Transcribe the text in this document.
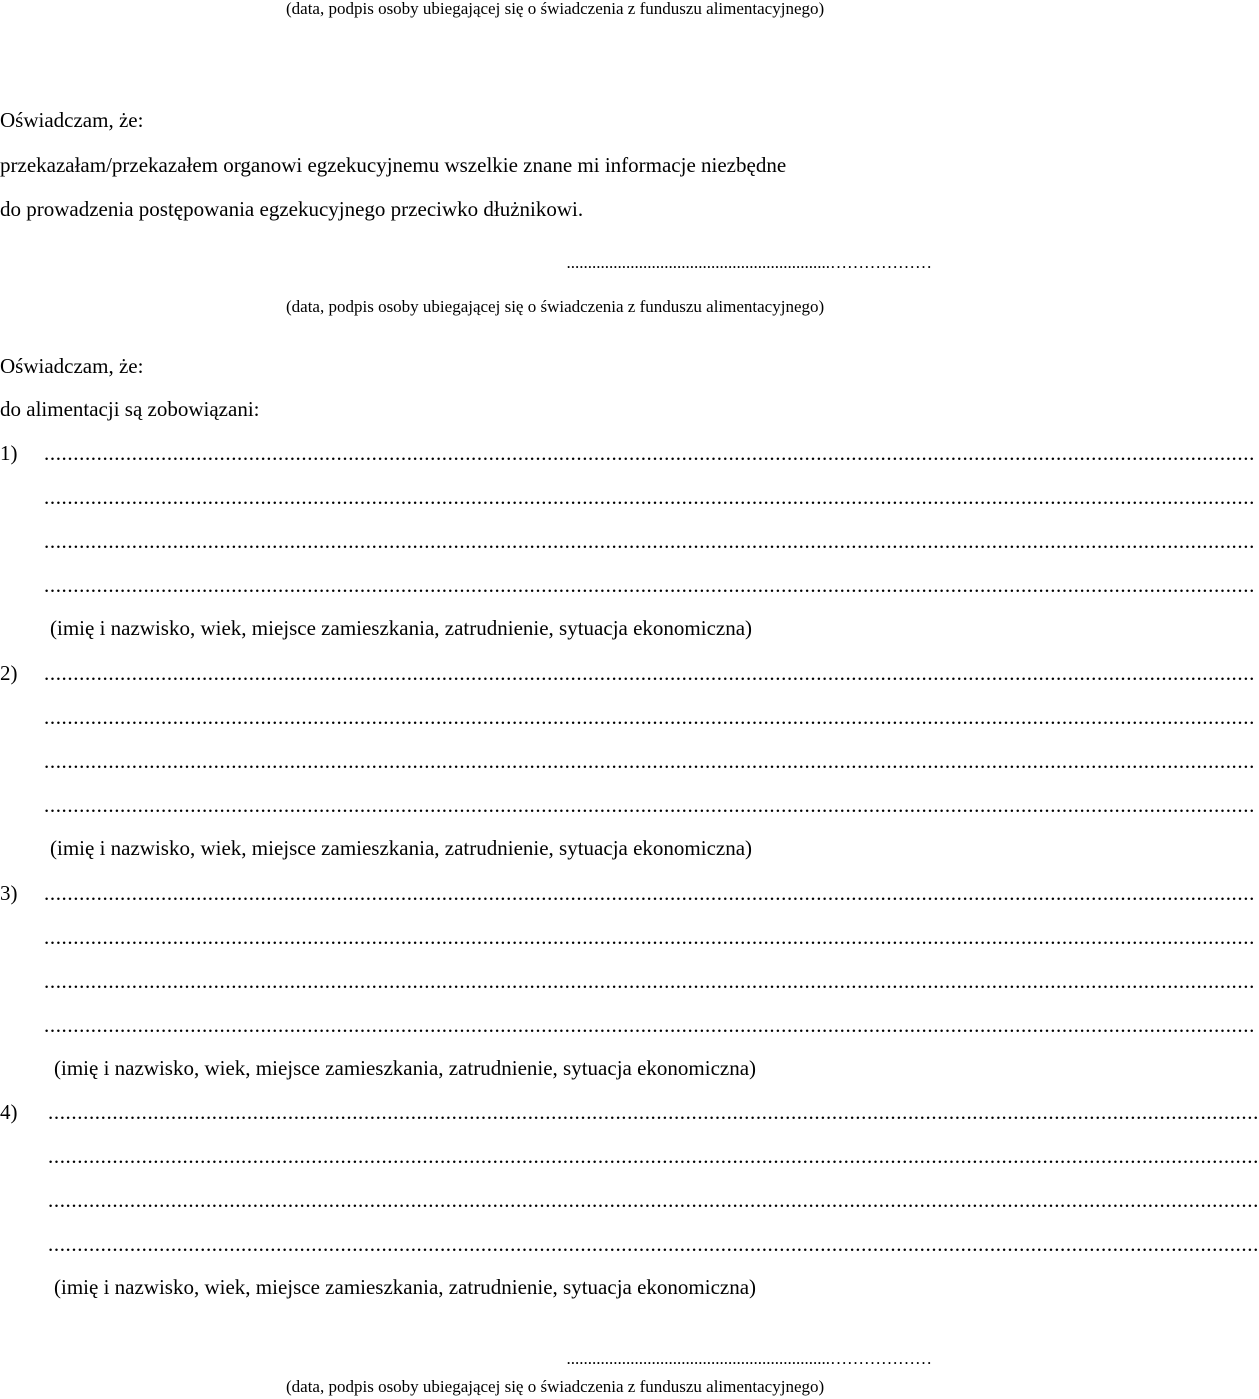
(data, podpis osoby ubiegającej się o świadczenia z funduszu alimentacyjnego)
Oświadczam, że:
przekazałam/przekazałem organowi egzekucyjnemu wszelkie znane mi informacje niezbędne
do prowadzenia postępowania egzekucyjnego przeciwko dłużnikowi.
………………..............................................................
(data, podpis osoby ubiegającej się o świadczenia z funduszu alimentacyjnego)
Oświadczam, że:
do alimentacji są zobowiązani:
1) ...............................................................................................................................................................................................................
...............................................................................................................................................................................................................
...............................................................................................................................................................................................................
...............................................................................................................................................................................................................
(imię i nazwisko, wiek, miejsce zamieszkania, zatrudnienie, sytuacja ekonomiczna)
2) ...............................................................................................................................................................................................................
...............................................................................................................................................................................................................
...............................................................................................................................................................................................................
...............................................................................................................................................................................................................
(imię i nazwisko, wiek, miejsce zamieszkania, zatrudnienie, sytuacja ekonomiczna)
3) ...............................................................................................................................................................................................................
...............................................................................................................................................................................................................
...............................................................................................................................................................................................................
...............................................................................................................................................................................................................
(imię i nazwisko, wiek, miejsce zamieszkania, zatrudnienie, sytuacja ekonomiczna)
4) ...............................................................................................................................................................................................................
...............................................................................................................................................................................................................
...............................................................................................................................................................................................................
...............................................................................................................................................................................................................
(imię i nazwisko, wiek, miejsce zamieszkania, zatrudnienie, sytuacja ekonomiczna)
………………..............................................................
(data, podpis osoby ubiegającej się o świadczenia z funduszu alimentacyjnego)
